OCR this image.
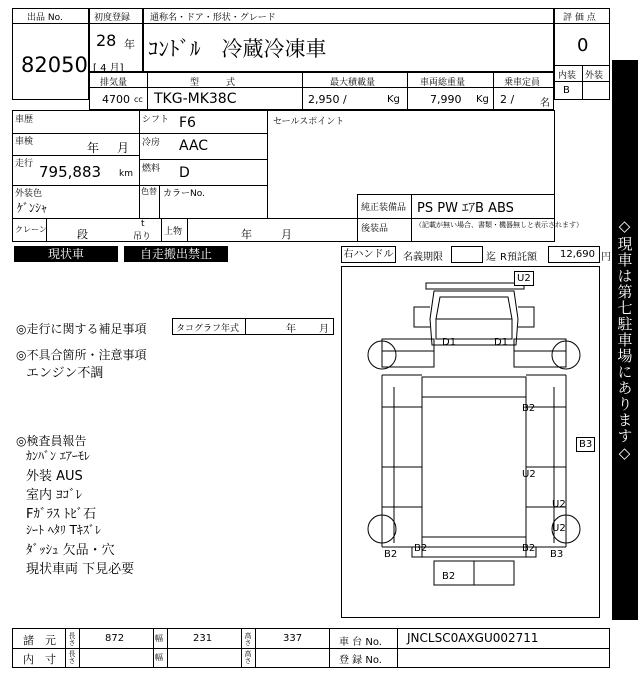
出品 No.
82050
初度登録
28 年
[ 4 月]
通称名・ドア・形状・グレード
ｺﾝﾄﾞﾙ　冷蔵冷凍車
評 価 点
0
内装 外装
B
排気量
4700 cc
型　　　式
TKG-MK38C
最大積載量
2,950 /	Kg
車両総重量
7,990 Kg
乗車定員
2 /	名
車歴
車検	年 月
走行 795,883 km
シフト F6
冷房 AAC
燃料 D
外装色
ｹﾞﾝｼｬ
色替 カラーNo.
セールスポイント
純正装備品 PS PW ｴｱB ABS
後装品	（記載が無い場合、書類・機器無しと表示されます）
クレーン	段
t
吊り 上物	年	月
現状車	自走搬出禁止	右ハンドル 名義期限	迄 R預託額	12,690 円
◎走行に関する補足事項	タコグラフ年式	年 月
◎不具合箇所・注意事項
エンジン不調
◎検査員報告
ｶﾝﾊﾞﾝ ｴｱｰﾓﾚ
外装 AUS
室内 ﾖｺﾞﾚ
Fｶﾞﾗｽ ﾄﾋﾞ石
ｼｰﾄ ﾍﾀﾘ Tｷｽﾞﾚ
ﾀﾞｯｼｭ 欠品・穴
現状車両 下見必要
U2
D1	D1
B2
B3
U2
U2
U2
B2
B2
B2	B3
B2
◇現車は第七駐車場にあります◇
諸　元 長さ	872	幅	231	高さ	337	車 台 No. JNCLSC0AXGU002711
内　寸 長さ	幅	高さ	登 録 No.
